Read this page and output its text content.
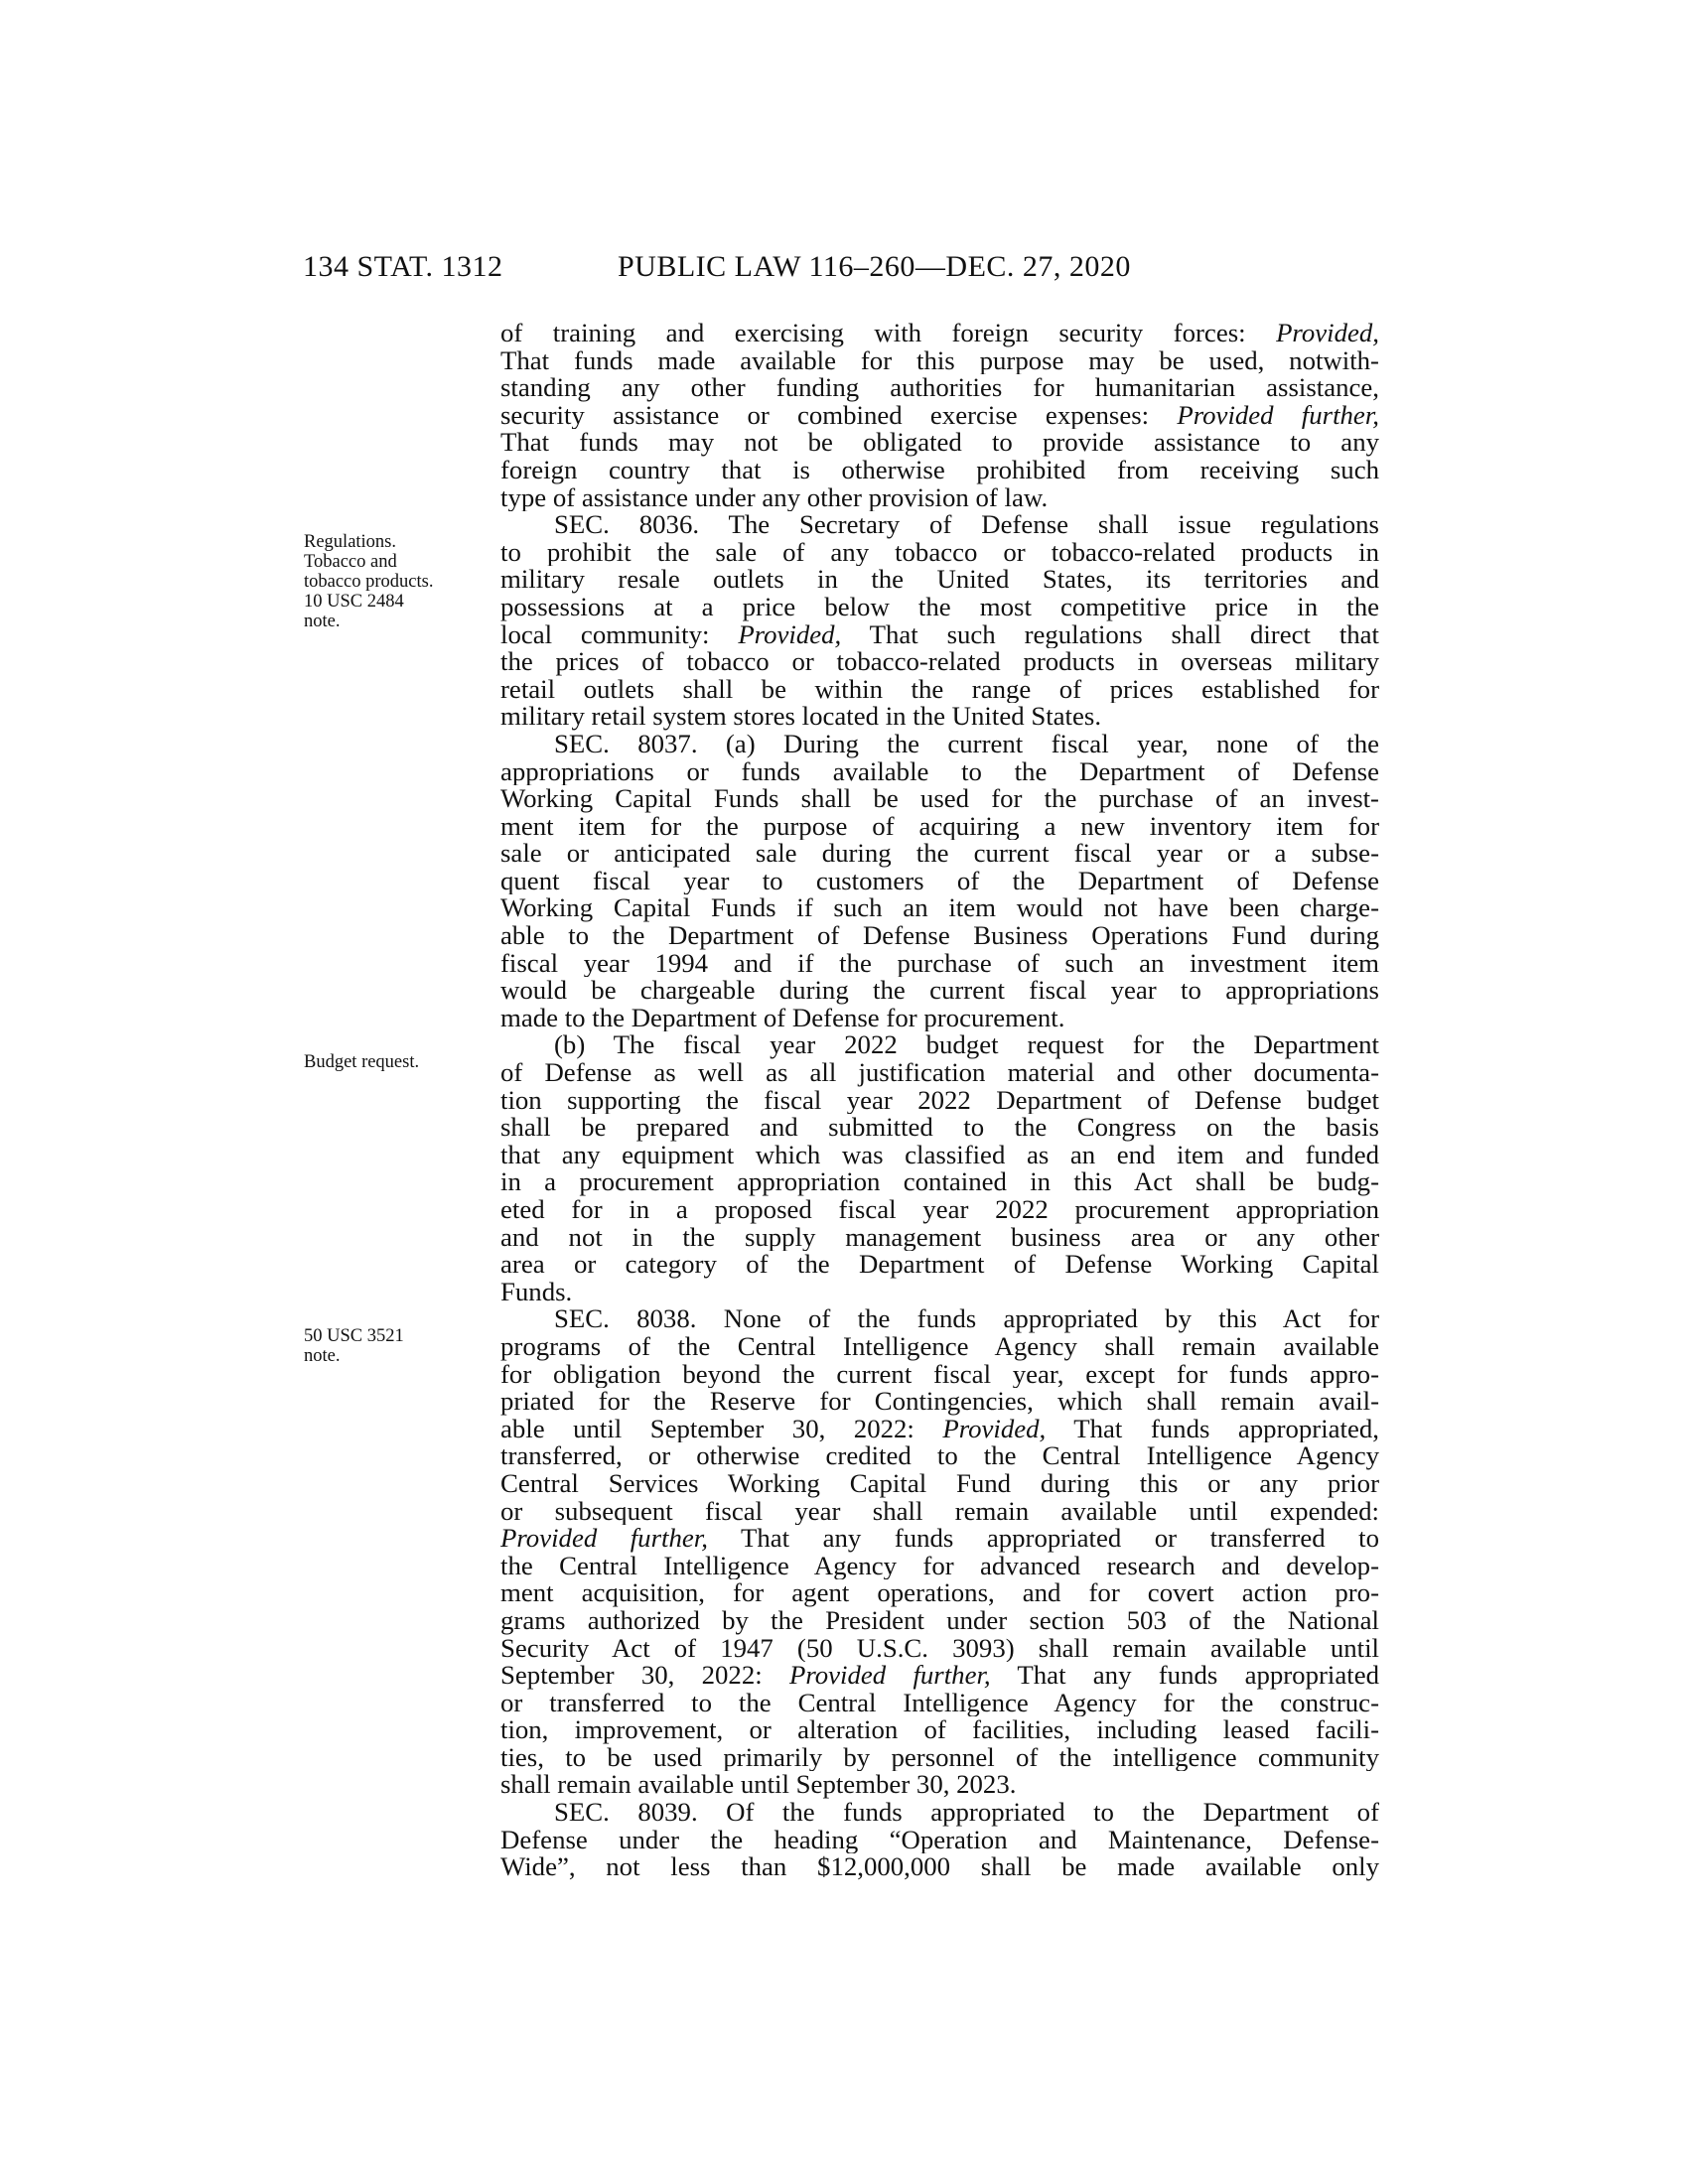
134 STAT. 1312	PUBLIC LAW 116–260—DEC. 27, 2020
Regulations.
Tobacco and
tobacco products.
10 USC 2484
note.
Budget request.
50 USC 3521
note.
of training and exercising with foreign security forces: Provided,
That funds made available for this purpose may be used, notwith-
standing any other funding authorities for humanitarian assistance,
security assistance or combined exercise expenses: Provided further,
That funds may not be obligated to provide assistance to any
foreign country that is otherwise prohibited from receiving such
type of assistance under any other provision of law.
SEC. 8036. The Secretary of Defense shall issue regulations
to prohibit the sale of any tobacco or tobacco-related products in
military resale outlets in the United States, its territories and
possessions at a price below the most competitive price in the
local community: Provided, That such regulations shall direct that
the prices of tobacco or tobacco-related products in overseas military
retail outlets shall be within the range of prices established for
military retail system stores located in the United States.
SEC. 8037. (a) During the current fiscal year, none of the
appropriations or funds available to the Department of Defense
Working Capital Funds shall be used for the purchase of an invest-
ment item for the purpose of acquiring a new inventory item for
sale or anticipated sale during the current fiscal year or a subse-
quent fiscal year to customers of the Department of Defense
Working Capital Funds if such an item would not have been charge-
able to the Department of Defense Business Operations Fund during
fiscal year 1994 and if the purchase of such an investment item
would be chargeable during the current fiscal year to appropriations
made to the Department of Defense for procurement.
(b) The fiscal year 2022 budget request for the Department
of Defense as well as all justification material and other documenta-
tion supporting the fiscal year 2022 Department of Defense budget
shall be prepared and submitted to the Congress on the basis
that any equipment which was classified as an end item and funded
in a procurement appropriation contained in this Act shall be budg-
eted for in a proposed fiscal year 2022 procurement appropriation
and not in the supply management business area or any other
area or category of the Department of Defense Working Capital
Funds.
SEC. 8038. None of the funds appropriated by this Act for
programs of the Central Intelligence Agency shall remain available
for obligation beyond the current fiscal year, except for funds appro-
priated for the Reserve for Contingencies, which shall remain avail-
able until September 30, 2022: Provided, That funds appropriated,
transferred, or otherwise credited to the Central Intelligence Agency
Central Services Working Capital Fund during this or any prior
or subsequent fiscal year shall remain available until expended:
Provided further, That any funds appropriated or transferred to
the Central Intelligence Agency for advanced research and develop-
ment acquisition, for agent operations, and for covert action pro-
grams authorized by the President under section 503 of the National
Security Act of 1947 (50 U.S.C. 3093) shall remain available until
September 30, 2022: Provided further, That any funds appropriated
or transferred to the Central Intelligence Agency for the construc-
tion, improvement, or alteration of facilities, including leased facili-
ties, to be used primarily by personnel of the intelligence community
shall remain available until September 30, 2023.
SEC. 8039. Of the funds appropriated to the Department of
Defense under the heading “Operation and Maintenance, Defense-
Wide”, not less than $12,000,000 shall be made available only
